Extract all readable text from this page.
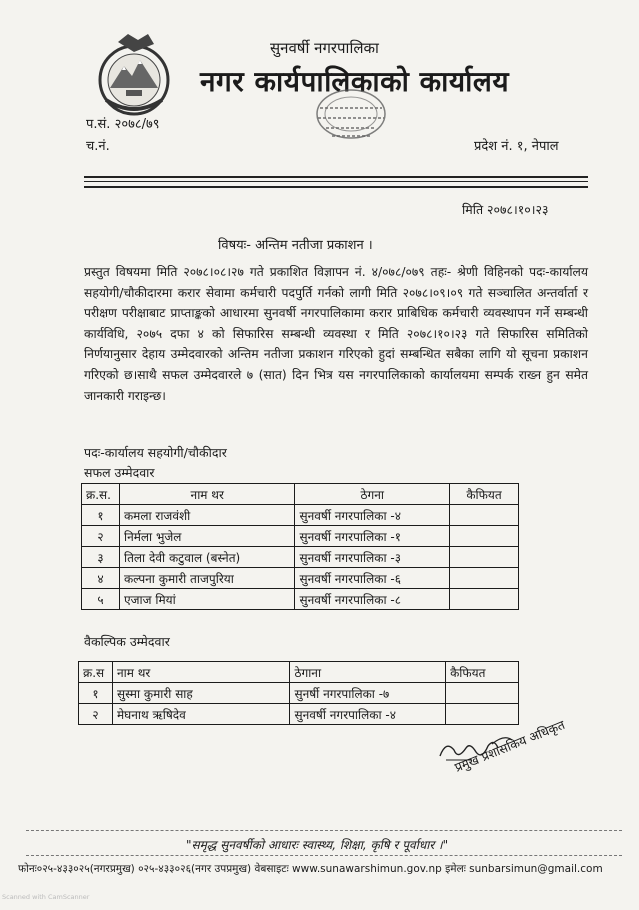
सुनवर्षी नगरपालिका
नगर कार्यपालिकाको कार्यालय
प.सं. २०७८/७९
च.नं.	प्रदेश नं. १, नेपाल
मिति २०७८।१०।२३
विषयः- अन्तिम नतीजा प्रकाशन ।

प्रस्तुत विषयमा मिति २०७८।०८।२७ गते प्रकाशित विज्ञापन नं. ४/०७८/०७९ तहः- श्रेणी विहिनको पदः-कार्यालय सहयोगी/चौकीदारमा करार सेवामा कर्मचारी पदपुर्ति गर्नको लागी मिति २०७८।०९।०९ गते सञ्चालित अन्तर्वार्ता र परीक्षण परीक्षाबाट प्राप्ताङ्कको आधारमा सुनवर्षी नगरपालिकामा करार प्राबिधिक कर्मचारी व्यवस्थापन गर्ने सम्बन्धी कार्यविधि, २०७५ दफा ४ को सिफारिस सम्बन्धी व्यवस्था र मिति २०७८।१०।२३ गते सिफारिस समितिको निर्णयानुसार देहाय उम्मेदवारको अन्तिम नतीजा प्रकाशन गरिएको हुदां सम्बन्धित सबैका लागि यो सूचना प्रकाशन गरिएको छ।साथै सफल उम्मेदवारले ७ (सात) दिन भित्र यस नगरपालिकाको कार्यालयमा सम्पर्क राख्न हुन समेत जानकारी गराइन्छ।

पदः-कार्यालय सहयोगी/चौकीदार
सफल उम्मेदवार
क्र.स.	नाम थर	ठेगना	कैफियत
१	कमला राजवंशी	सुनवर्षी नगरपालिका -४	
२	निर्मला भुजेल	सुनवर्षी नगरपालिका -१	
३	तिला देवी कटुवाल (बस्नेत)	सुनवर्षी नगरपालिका -३	
४	कल्पना कुमारी ताजपुरिया	सुनवर्षी नगरपालिका -६	
५	एजाज मियां	सुनवर्षी नगरपालिका -८	
वैकल्पिक उम्मेदवार
क्र.स	नाम थर	ठेगाना	कैफियत
१	सुस्मा कुमारी साह	सुनर्षी नगरपालिका -७	
२	मेघनाथ ऋषिदेव	सुनवर्षी नगरपालिका -४	
प्रमुख प्रशासकिय अधिकृत
"समृद्ध सुनवर्षीको आधारः स्वास्थ्य, शिक्षा, कृषि र पूर्वाधार ।"
फोनः०२५-४३३०२५(नगरप्रमुख) ०२५-४३३०२६(नगर उपप्रमुख) वेबसाइटः www.sunawarshimun.gov.np इमेलः sunbarsimun@gmail.com
Scanned with CamScanner
